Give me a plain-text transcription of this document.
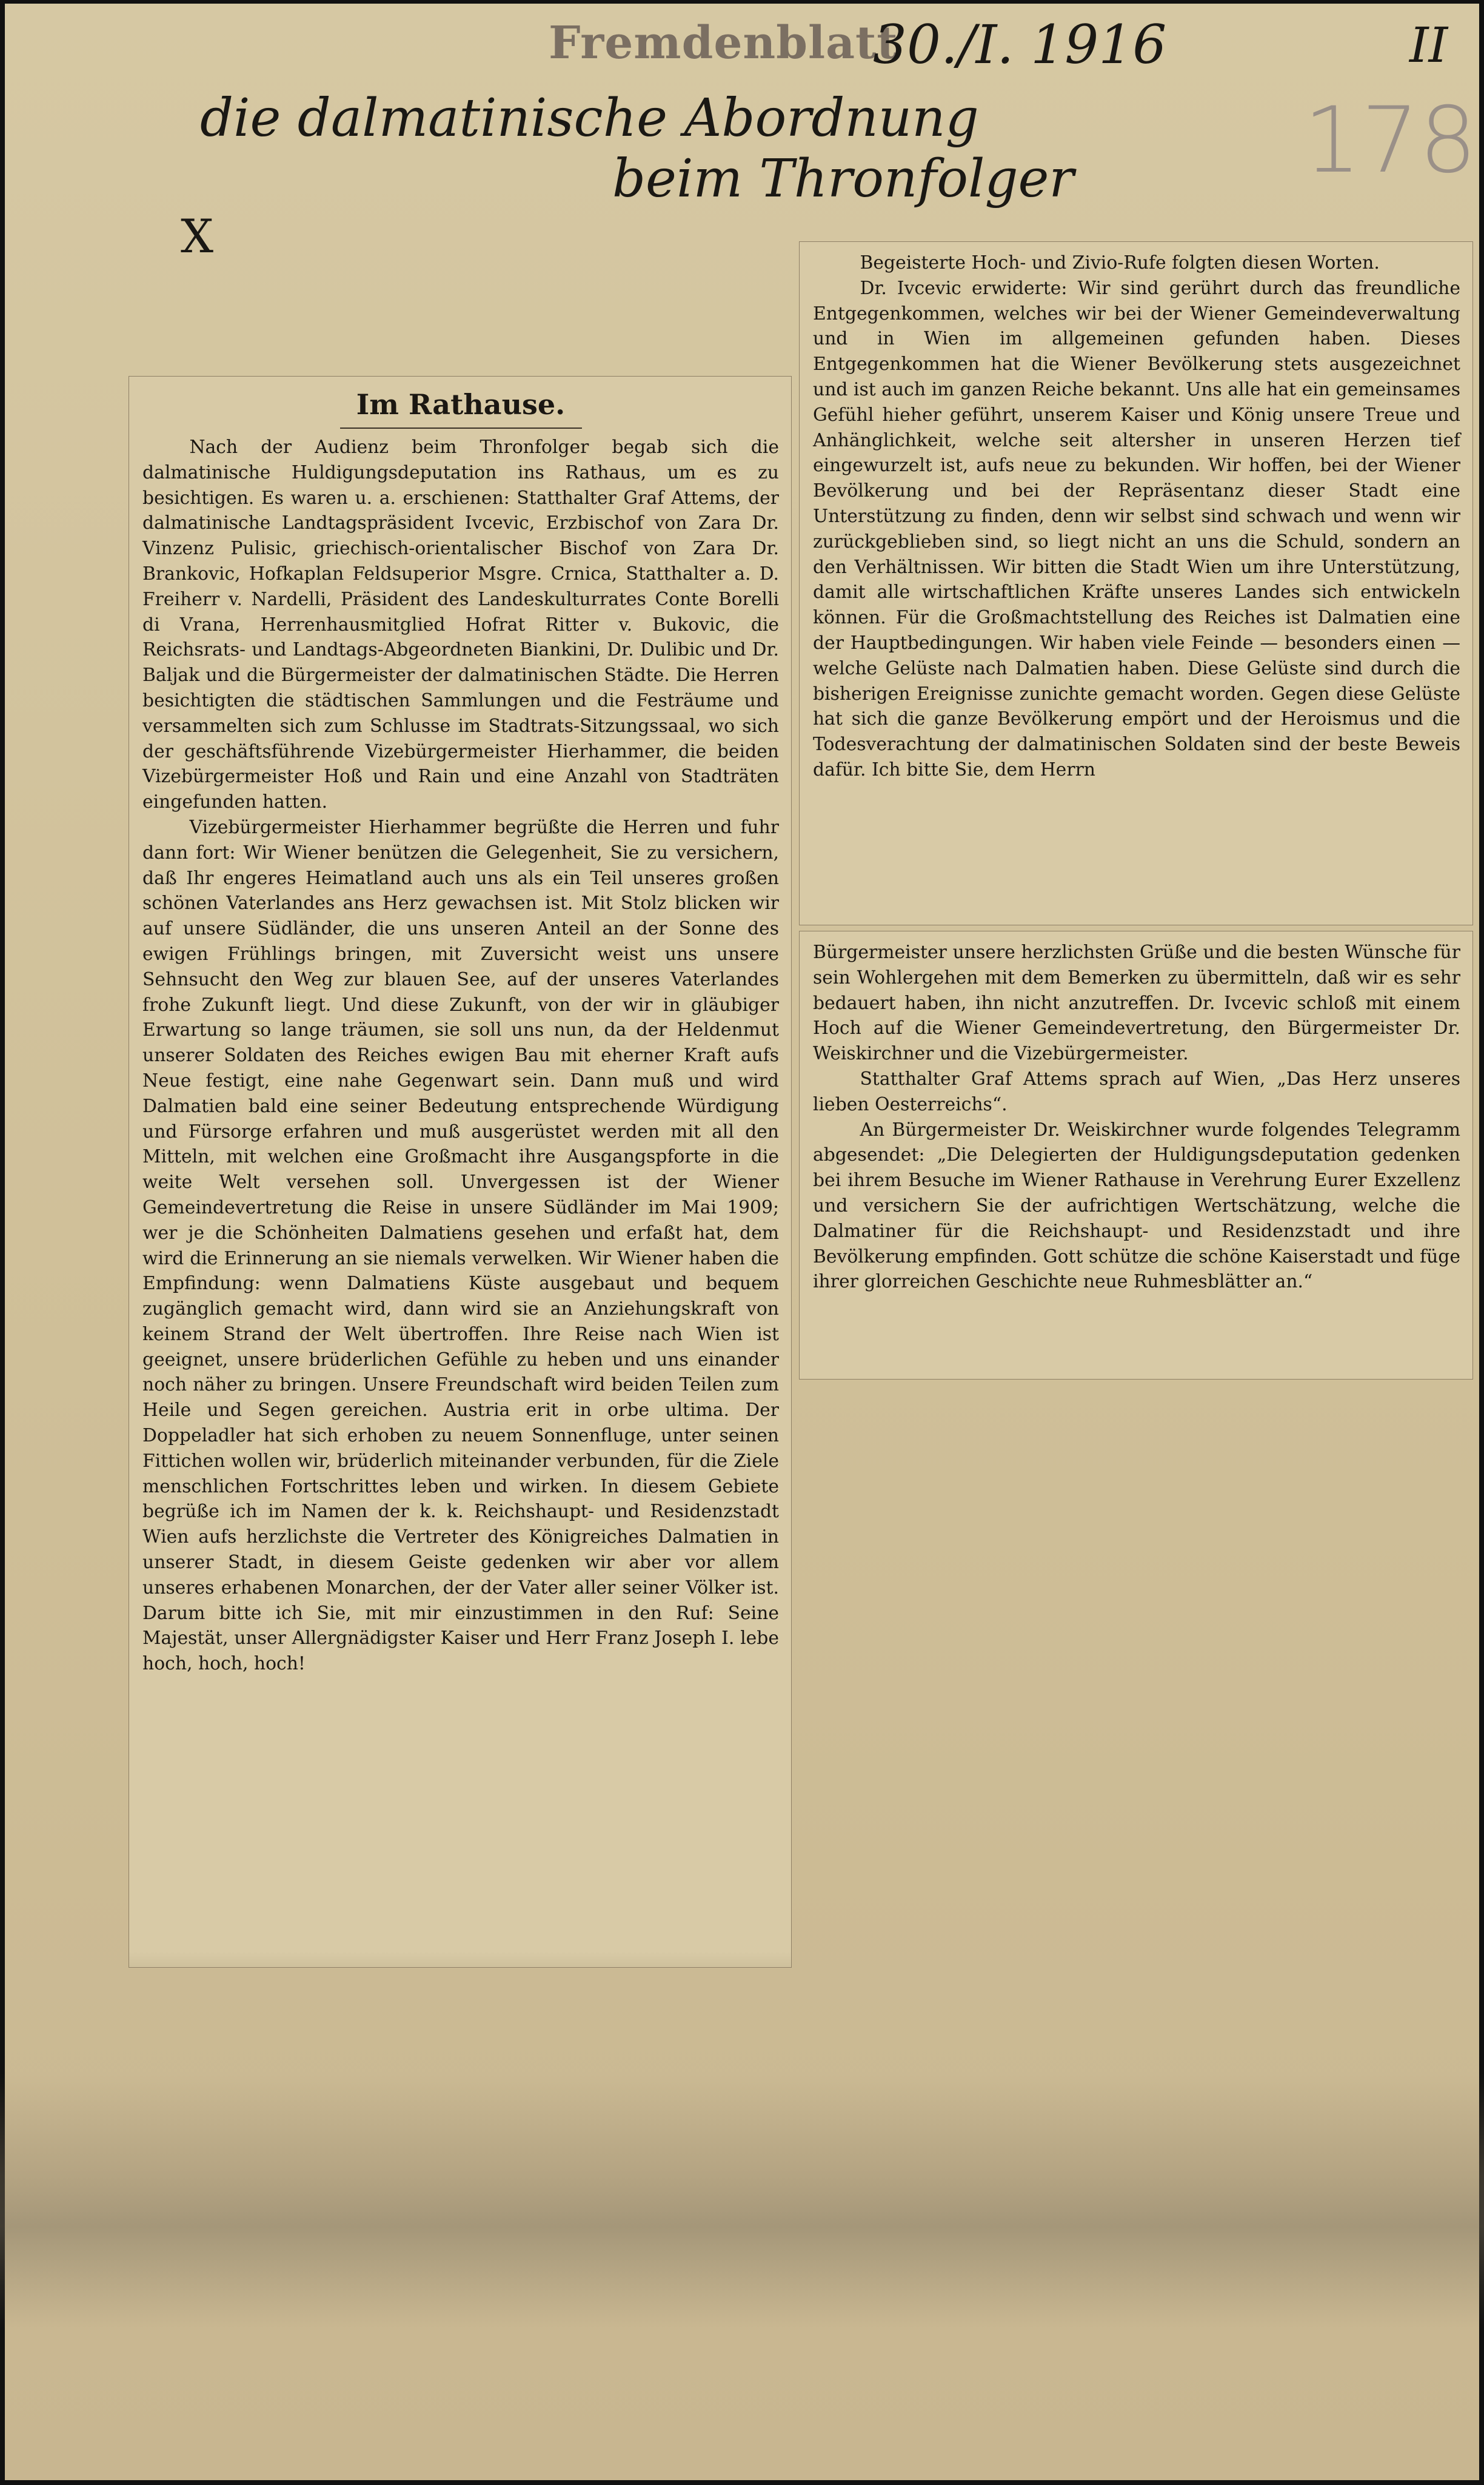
Fremdenblatt
30./I. 1916	II
die dalmatinische Abordnung
beim Thronfolger	178
X
Im Rathause.

Nach der Audienz beim Thronfolger begab sich die dalmatinische Huldigungsdeputation ins Rathaus, um es zu besichtigen. Es waren u. a. erschienen: Statthalter Graf Attems, der dalmatinische Landtagspräsident Ivcevic, Erzbischof von Zara Dr. Vinzenz Pulisic, griechisch-orientalischer Bischof von Zara Dr. Brankovic, Hofkaplan Feldsuperior Msgre. Crnica, Statthalter a. D. Freiherr v. Nardelli, Präsident des Landeskulturrates Conte Borelli di Vrana, Herrenhausmitglied Hofrat Ritter v. Bukovic, die Reichsrats- und Landtags-Abgeordneten Biankini, Dr. Dulibic und Dr. Baljak und die Bürgermeister der dalmatinischen Städte. Die Herren besichtigten die städtischen Sammlungen und die Festräume und versammelten sich zum Schlusse im Stadtrats-Sitzungssaal, wo sich der geschäftsführende Vizebürgermeister Hierhammer, die beiden Vizebürgermeister Hoß und Rain und eine Anzahl von Stadträten eingefunden hatten.

Vizebürgermeister Hierhammer begrüßte die Herren und fuhr dann fort: Wir Wiener benützen die Gelegenheit, Sie zu versichern, daß Ihr engeres Heimatland auch uns als ein Teil unseres großen schönen Vaterlandes ans Herz gewachsen ist. Mit Stolz blicken wir auf unsere Südländer, die uns unseren Anteil an der Sonne des ewigen Frühlings bringen, mit Zuversicht weist uns unsere Sehnsucht den Weg zur blauen See, auf der unseres Vaterlandes frohe Zukunft liegt. Und diese Zukunft, von der wir in gläubiger Erwartung so lange träumen, sie soll uns nun, da der Heldenmut unserer Soldaten des Reiches ewigen Bau mit eherner Kraft aufs Neue festigt, eine nahe Gegenwart sein. Dann muß und wird Dalmatien bald eine seiner Bedeutung entsprechende Würdigung und Fürsorge erfahren und muß ausgerüstet werden mit all den Mitteln, mit welchen eine Großmacht ihre Ausgangspforte in die weite Welt versehen soll. Unvergessen ist der Wiener Gemeindevertretung die Reise in unsere Südländer im Mai 1909; wer je die Schönheiten Dalmatiens gesehen und erfaßt hat, dem wird die Erinnerung an sie niemals verwelken. Wir Wiener haben die Empfindung: wenn Dalmatiens Küste ausgebaut und bequem zugänglich gemacht wird, dann wird sie an Anziehungskraft von keinem Strand der Welt übertroffen. Ihre Reise nach Wien ist geeignet, unsere brüderlichen Gefühle zu heben und uns einander noch näher zu bringen. Unsere Freundschaft wird beiden Teilen zum Heile und Segen gereichen. Austria erit in orbe ultima. Der Doppeladler hat sich erhoben zu neuem Sonnenfluge, unter seinen Fittichen wollen wir, brüderlich miteinander verbunden, für die Ziele menschlichen Fortschrittes leben und wirken. In diesem Gebiete begrüße ich im Namen der k. k. Reichshaupt- und Residenzstadt Wien aufs herzlichste die Vertreter des Königreiches Dalmatien in unserer Stadt, in diesem Geiste gedenken wir aber vor allem unseres erhabenen Monarchen, der der Vater aller seiner Völker ist. Darum bitte ich Sie, mit mir einzustimmen in den Ruf: Seine Majestät, unser Allergnädigster Kaiser und Herr Franz Joseph I. lebe hoch, hoch, hoch!

Begeisterte Hoch- und Zivio-Rufe folgten diesen Worten.

Dr. Ivcevic erwiderte: Wir sind gerührt durch das freundliche Entgegenkommen, welches wir bei der Wiener Gemeindeverwaltung und in Wien im allgemeinen gefunden haben. Dieses Entgegenkommen hat die Wiener Bevölkerung stets ausgezeichnet und ist auch im ganzen Reiche bekannt. Uns alle hat ein gemeinsames Gefühl hieher geführt, unserem Kaiser und König unsere Treue und Anhänglichkeit, welche seit altersher in unseren Herzen tief eingewurzelt ist, aufs neue zu bekunden. Wir hoffen, bei der Wiener Bevölkerung und bei der Repräsentanz dieser Stadt eine Unterstützung zu finden, denn wir selbst sind schwach und wenn wir zurückgeblieben sind, so liegt nicht an uns die Schuld, sondern an den Verhältnissen. Wir bitten die Stadt Wien um ihre Unterstützung, damit alle wirtschaftlichen Kräfte unseres Landes sich entwickeln können. Für die Großmachtstellung des Reiches ist Dalmatien eine der Hauptbedingungen. Wir haben viele Feinde — besonders einen — welche Gelüste nach Dalmatien haben. Diese Gelüste sind durch die bisherigen Ereignisse zunichte gemacht worden. Gegen diese Gelüste hat sich die ganze Bevölkerung empört und der Heroismus und die Todesverachtung der dalmatinischen Soldaten sind der beste Beweis dafür. Ich bitte Sie, dem Herrn

Bürgermeister unsere herzlichsten Grüße und die besten Wünsche für sein Wohlergehen mit dem Bemerken zu übermitteln, daß wir es sehr bedauert haben, ihn nicht anzutreffen. Dr. Ivcevic schloß mit einem Hoch auf die Wiener Gemeindevertretung, den Bürgermeister Dr. Weiskirchner und die Vizebürgermeister.

Statthalter Graf Attems sprach auf Wien, „Das Herz unseres lieben Oesterreichs“.

An Bürgermeister Dr. Weiskirchner wurde folgendes Telegramm abgesendet: „Die Delegierten der Huldigungsdeputation gedenken bei ihrem Besuche im Wiener Rathause in Verehrung Eurer Exzellenz und versichern Sie der aufrichtigen Wertschätzung, welche die Dalmatiner für die Reichshaupt- und Residenzstadt und ihre Bevölkerung empfinden. Gott schütze die schöne Kaiserstadt und füge ihrer glorreichen Geschichte neue Ruhmesblätter an.“
